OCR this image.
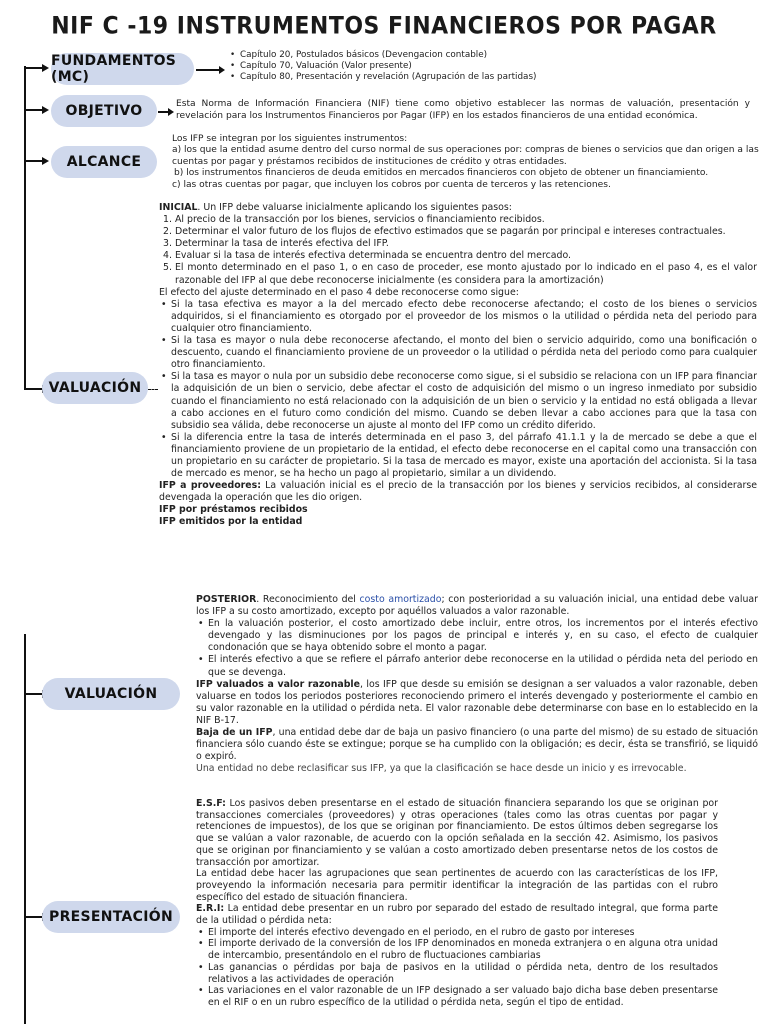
NIF C -19 INSTRUMENTOS FINANCIEROS POR PAGAR
FUNDAMENTOS (MC)
OBJETIVO
ALCANCE
VALUACIÓN
VALUACIÓN
PRESENTACIÓN
• Capítulo 20, Postulados básicos (Devengacion contable)
• Capítulo 70, Valuación (Valor presente)
• Capítulo 80, Presentación y revelación (Agrupación de las partidas)
Esta Norma de Información Financiera (NIF) tiene como objetivo establecer las normas de valuación, presentación y revelación para los Instrumentos Financieros por Pagar (IFP) en los estados financieros de una entidad económica.
Los IFP se integran por los siguientes instrumentos:
a) los que la entidad asume dentro del curso normal de sus operaciones por: compras de bienes o servicios que dan origen a las cuentas por pagar y préstamos recibidos de instituciones de crédito y otras entidades.
b) los instrumentos financieros de deuda emitidos en mercados financieros con objeto de obtener un financiamiento.
c) las otras cuentas por pagar, que incluyen los cobros por cuenta de terceros y las retenciones.
INICIAL. Un IFP debe valuarse inicialmente aplicando los siguientes pasos:
1. Al precio de la transacción por los bienes, servicios o financiamiento recibidos.
2. Determinar el valor futuro de los flujos de efectivo estimados que se pagarán por principal e intereses contractuales.
3. Determinar la tasa de interés efectiva del IFP.
4. Evaluar si la tasa de interés efectiva determinada se encuentra dentro del mercado.
5. El monto determinado en el paso 1, o en caso de proceder, ese monto ajustado por lo indicado en el paso 4, es el valor razonable del IFP al que debe reconocerse inicialmente (es considera para la amortización)
El efecto del ajuste determinado en el paso 4 debe reconocerse como sigue:
• Si la tasa efectiva es mayor a la del mercado efecto debe reconocerse afectando; el costo de los bienes o servicios adquiridos, si el financiamiento es otorgado por el proveedor de los mismos o la utilidad o pérdida neta del periodo para cualquier otro financiamiento.
• Si la tasa es mayor o nula debe reconocerse afectando, el monto del bien o servicio adquirido, como una bonificación o descuento, cuando el financiamiento proviene de un proveedor o la utilidad o pérdida neta del periodo como para cualquier otro financiamiento.
• Si la tasa es mayor o nula por un subsidio debe reconocerse como sigue, si el subsidio se relaciona con un IFP para financiar la adquisición de un bien o servicio, debe afectar el costo de adquisición del mismo o un ingreso inmediato por subsidio cuando el financiamiento no está relacionado con la adquisición de un bien o servicio y la entidad no está obligada a llevar a cabo acciones en el futuro como condición del mismo. Cuando se deben llevar a cabo acciones para que la tasa con subsidio sea válida, debe reconocerse un ajuste al monto del IFP como un crédito diferido.
• Si la diferencia entre la tasa de interés determinada en el paso 3, del párrafo 41.1.1 y la de mercado se debe a que el financiamiento proviene de un propietario de la entidad, el efecto debe reconocerse en el capital como una transacción con un propietario en su carácter de propietario. Si la tasa de mercado es mayor, existe una aportación del accionista. Si la tasa de mercado es menor, se ha hecho un pago al propietario, similar a un dividendo.
IFP a proveedores: La valuación inicial es el precio de la transacción por los bienes y servicios recibidos, al considerarse devengada la operación que les dio origen.
IFP por préstamos recibidos
IFP emitidos por la entidad
POSTERIOR. Reconocimiento del costo amortizado; con posterioridad a su valuación inicial, una entidad debe valuar los IFP a su costo amortizado, excepto por aquéllos valuados a valor razonable.
• En la valuación posterior, el costo amortizado debe incluir, entre otros, los incrementos por el interés efectivo devengado y las disminuciones por los pagos de principal e interés y, en su caso, el efecto de cualquier condonación que se haya obtenido sobre el monto a pagar.
• El interés efectivo a que se refiere el párrafo anterior debe reconocerse en la utilidad o pérdida neta del periodo en que se devenga.
IFP valuados a valor razonable, los IFP que desde su emisión se designan a ser valuados a valor razonable, deben valuarse en todos los periodos posteriores reconociendo primero el interés devengado y posteriormente el cambio en su valor razonable en la utilidad o pérdida neta. El valor razonable debe determinarse con base en lo establecido en la NIF B-17.
Baja de un IFP, una entidad debe dar de baja un pasivo financiero (o una parte del mismo) de su estado de situación financiera sólo cuando éste se extingue; porque se ha cumplido con la obligación; es decir, ésta se transfirió, se liquidó o expiró.
Una entidad no debe reclasificar sus IFP, ya que la clasificación se hace desde un inicio y es irrevocable.
E.S.F: Los pasivos deben presentarse en el estado de situación financiera separando los que se originan por transacciones comerciales (proveedores) y otras operaciones (tales como las otras cuentas por pagar y retenciones de impuestos), de los que se originan por financiamiento. De estos últimos deben segregarse los que se valúan a valor razonable, de acuerdo con la opción señalada en la sección 42. Asimismo, los pasivos que se originan por financiamiento y se valúan a costo amortizado deben presentarse netos de los costos de transacción por amortizar.
La entidad debe hacer las agrupaciones que sean pertinentes de acuerdo con las características de los IFP, proveyendo la información necesaria para permitir identificar la integración de las partidas con el rubro específico del estado de situación financiera.
E.R.I: La entidad debe presentar en un rubro por separado del estado de resultado integral, que forma parte de la utilidad o pérdida neta:
• El importe del interés efectivo devengado en el periodo, en el rubro de gasto por intereses
• El importe derivado de la conversión de los IFP denominados en moneda extranjera o en alguna otra unidad de intercambio, presentándolo en el rubro de fluctuaciones cambiarias
• Las ganancias o pérdidas por baja de pasivos en la utilidad o pérdida neta, dentro de los resultados relativos a las actividades de operación
• Las variaciones en el valor razonable de un IFP designado a ser valuado bajo dicha base deben presentarse en el RIF o en un rubro específico de la utilidad o pérdida neta, según el tipo de entidad.
